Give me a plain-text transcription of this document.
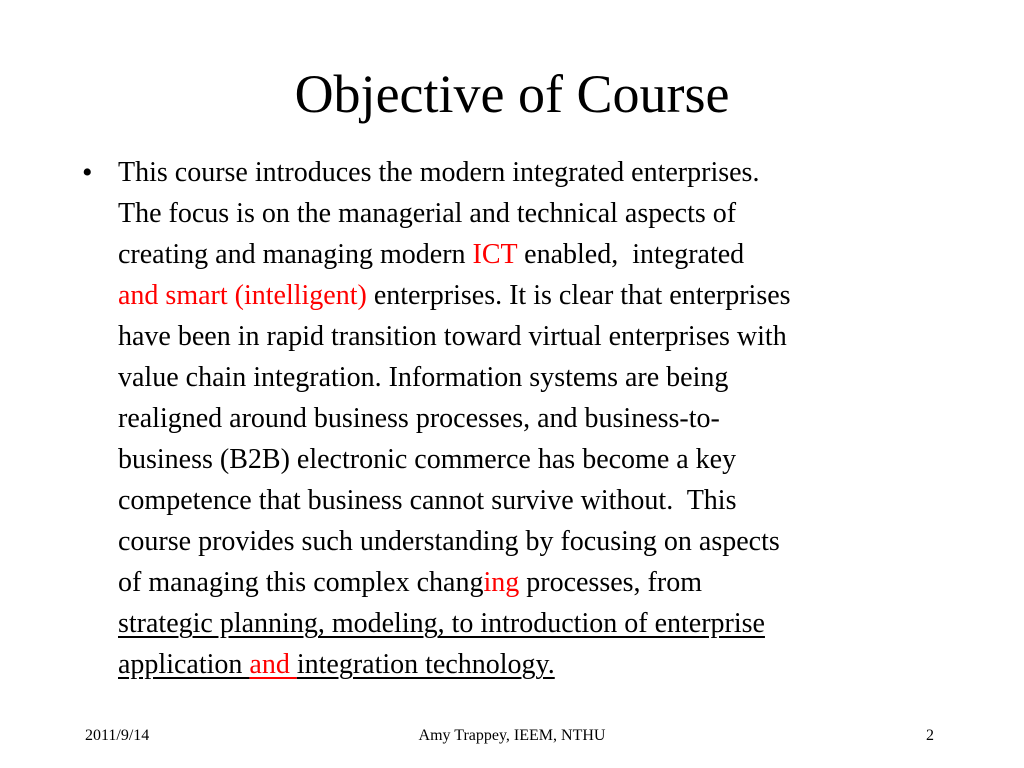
Objective of Course
• This course introduces the modern integrated enterprises.
The focus is on the managerial and technical aspects of
creating and managing modern ICT enabled,  integrated
and smart (intelligent) enterprises. It is clear that enterprises
have been in rapid transition toward virtual enterprises with
value chain integration. Information systems are being
realigned around business processes, and business-to-
business (B2B) electronic commerce has become a key
competence that business cannot survive without.  This
course provides such understanding by focusing on aspects
of managing this complex changing processes, from
strategic planning, modeling, to introduction of enterprise
application and integration technology.
2011/9/14	Amy Trappey, IEEM, NTHU	2
